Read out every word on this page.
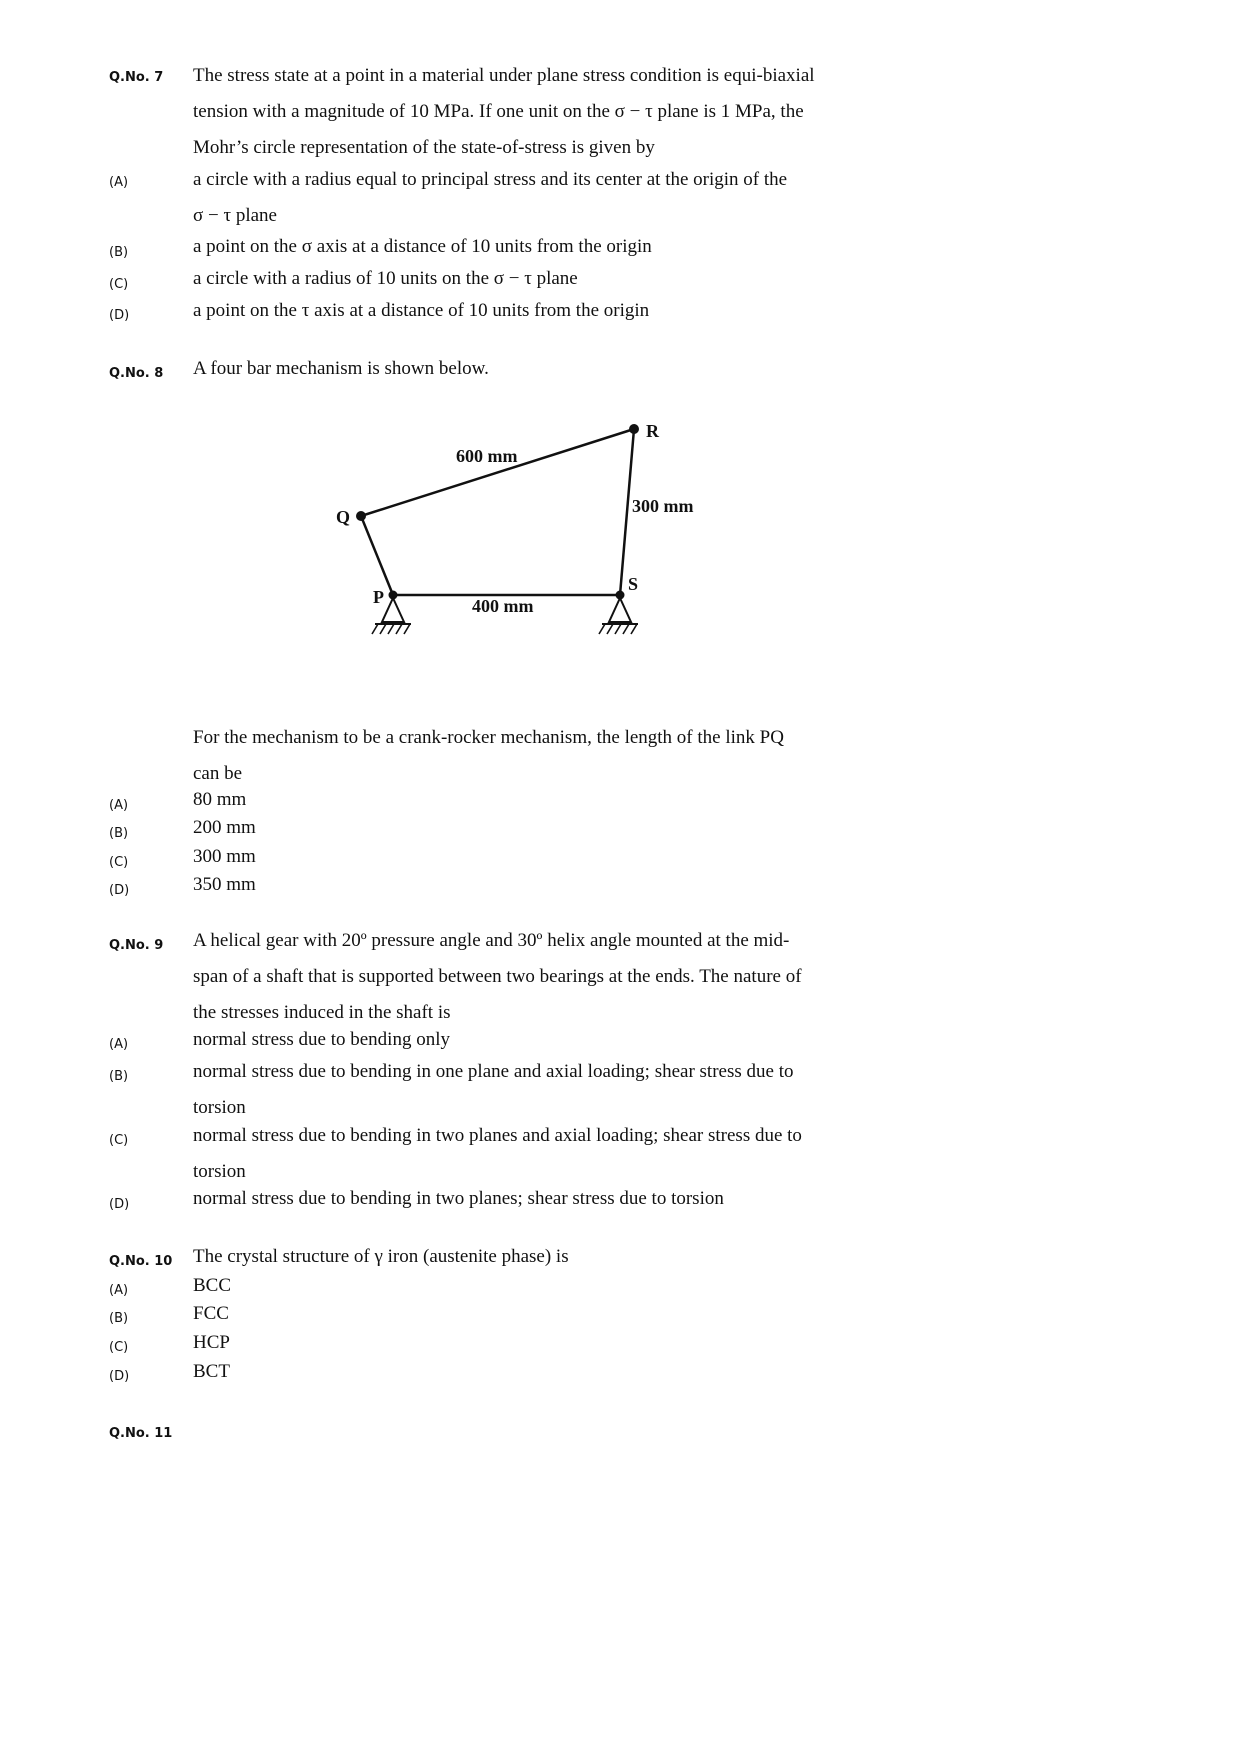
Q.No. 7 The stress state at a point in a material under plane stress condition is equi-biaxial
tension with a magnitude of 10 MPa. If one unit on the σ − τ plane is 1 MPa, the
Mohr’s circle representation of the state-of-stress is given by
(A)	a circle with a radius equal to principal stress and its center at the origin of the
σ − τ plane
(B)	a point on the σ axis at a distance of 10 units from the origin
(C)	a circle with a radius of 10 units on the σ − τ plane
(D)	a point on the τ axis at a distance of 10 units from the origin
Q.No. 8 A four bar mechanism is shown below.
P
Q
R
S
600 mm
300 mm
400 mm
For the mechanism to be a crank-rocker mechanism, the length of the link PQ
can be
(A)	80 mm
(B)	200 mm
(C)	300 mm
(D)	350 mm
Q.No. 9 A helical gear with 20º pressure angle and 30º helix angle mounted at the mid-
span of a shaft that is supported between two bearings at the ends. The nature of
the stresses induced in the shaft is
(A)	normal stress due to bending only
(B)	normal stress due to bending in one plane and axial loading; shear stress due to
torsion
(C)	normal stress due to bending in two planes and axial loading; shear stress due to
torsion
(D)	normal stress due to bending in two planes; shear stress due to torsion
Q.No. 10 The crystal structure of γ iron (austenite phase) is
(A)	BCC
(B)	FCC
(C)	HCP
(D)	BCT
Q.No. 11
